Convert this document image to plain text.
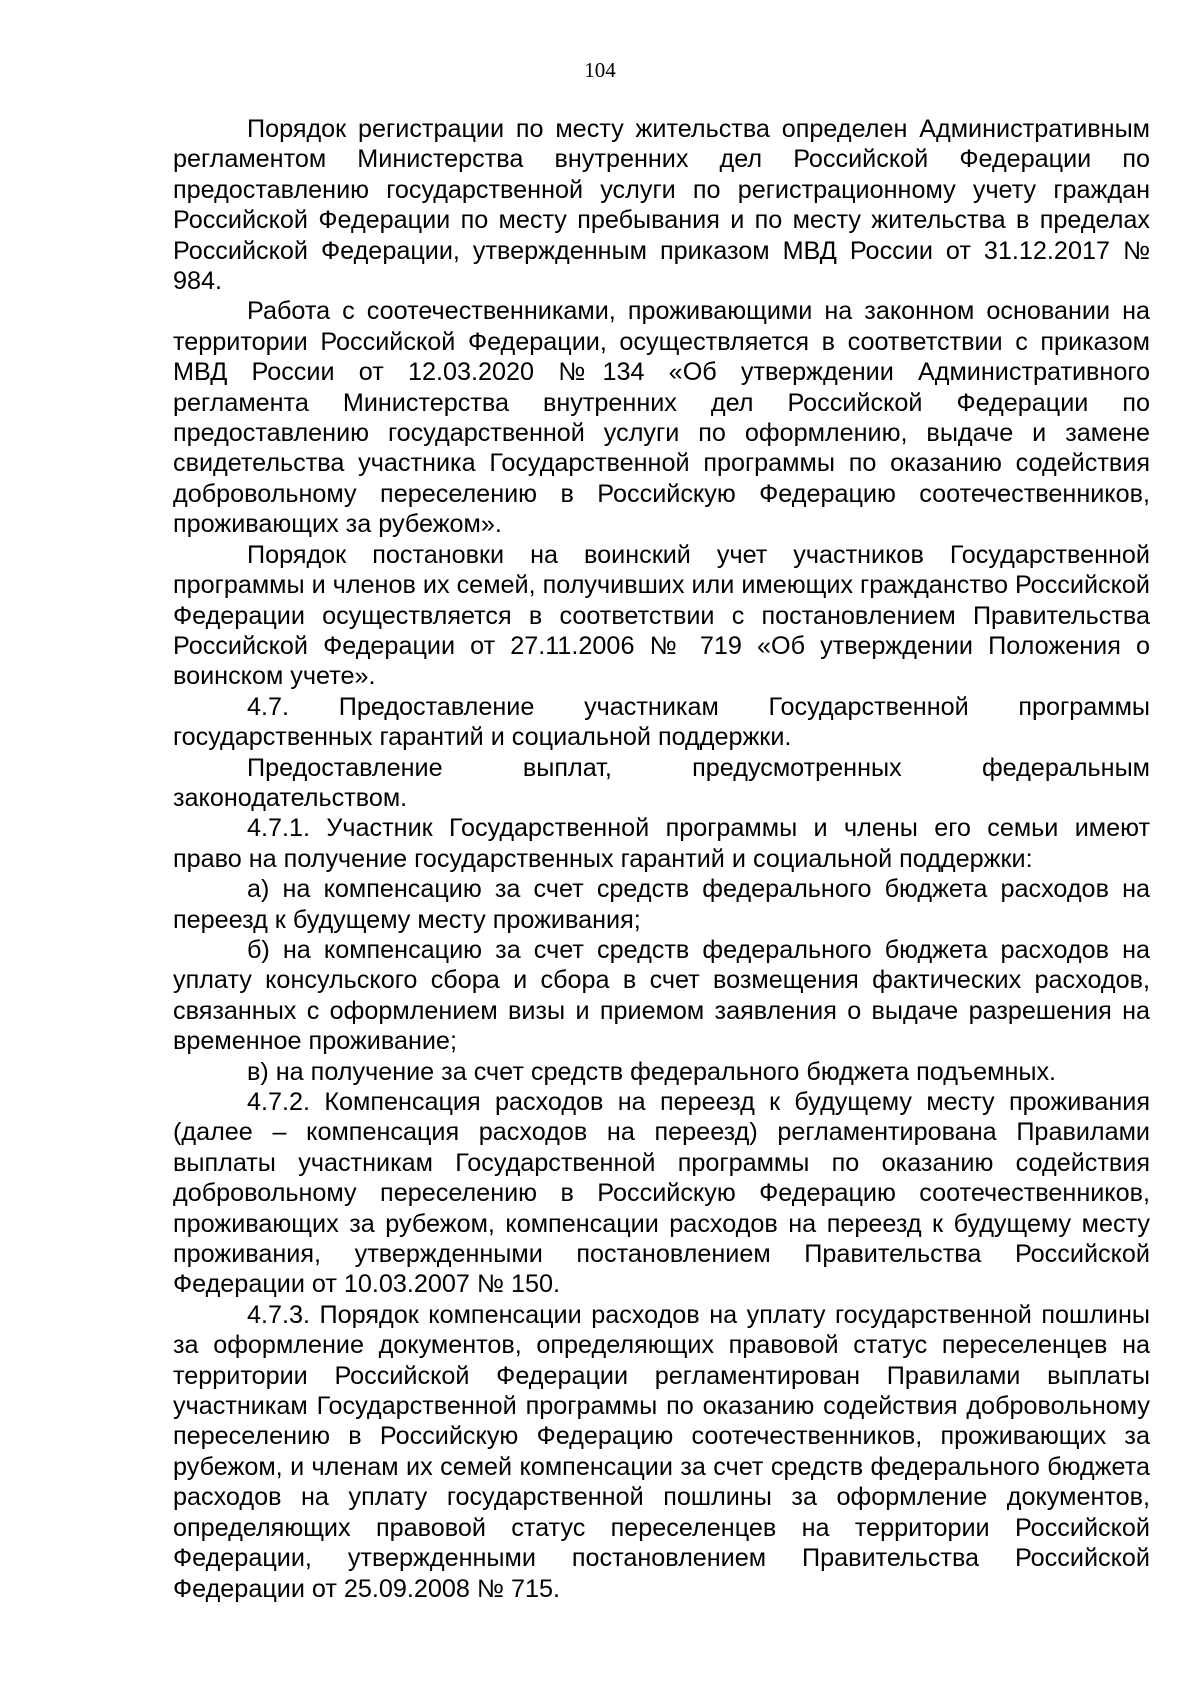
104

Порядок регистрации по месту жительства определен Административным регламентом Министерства внутренних дел Российской Федерации по предоставлению государственной услуги по регистрационному учету граждан Российской Федерации по месту пребывания и по месту жительства в пределах Российской Федерации, утвержденным приказом МВД России от 31.12.2017 № 984.

Работа с соотечественниками, проживающими на законном основании на территории Российской Федерации, осуществляется в соответствии с приказом МВД России от 12.03.2020 №134 «Об утверждении Административного регламента Министерства внутренних дел Российской Федерации по предоставлению государственной услуги по оформлению, выдаче и замене свидетельства участника Государственной программы по оказанию содействия добровольному переселению в Российскую Федерацию соотечественников, проживающих за рубежом».

Порядок постановки на воинский учет участников Государственной программы и членов их семей, получивших или имеющих гражданство Российской Федерации осуществляется в соответствии с постановлением Правительства Российской Федерации от 27.11.2006 № 719 «Об утверждении Положения о воинском учете».

4.7. Предоставление участникам Государственной программы государственных гарантий и социальной поддержки.

Предоставление выплат, предусмотренных федеральным законодательством.

4.7.1. Участник Государственной программы и члены его семьи имеют право на получение государственных гарантий и социальной поддержки:

а) на компенсацию за счет средств федерального бюджета расходов на переезд к будущему месту проживания;

б) на компенсацию за счет средств федерального бюджета расходов на уплату консульского сбора и сбора в счет возмещения фактических расходов, связанных с оформлением визы и приемом заявления о выдаче разрешения на временное проживание;

в) на получение за счет средств федерального бюджета подъемных.

4.7.2. Компенсация расходов на переезд к будущему месту проживания (далее – компенсация расходов на переезд) регламентирована Правилами выплаты участникам Государственной программы по оказанию содействия добровольному переселению в Российскую Федерацию соотечественников, проживающих за рубежом, компенсации расходов на переезд к будущему месту проживания, утвержденными постановлением Правительства Российской Федерации от 10.03.2007 № 150.

4.7.3. Порядок компенсации расходов на уплату государственной пошлины за оформление документов, определяющих правовой статус переселенцев на территории Российской Федерации регламентирован Правилами выплаты участникам Государственной программы по оказанию содействия добровольному переселению в Российскую Федерацию соотечественников, проживающих за рубежом, и членам их семей компенсации за счет средств федерального бюджета расходов на уплату государственной пошлины за оформление документов, определяющих правовой статус переселенцев на территории Российской Федерации, утвержденными постановлением Правительства Российской Федерации от 25.09.2008 № 715.
